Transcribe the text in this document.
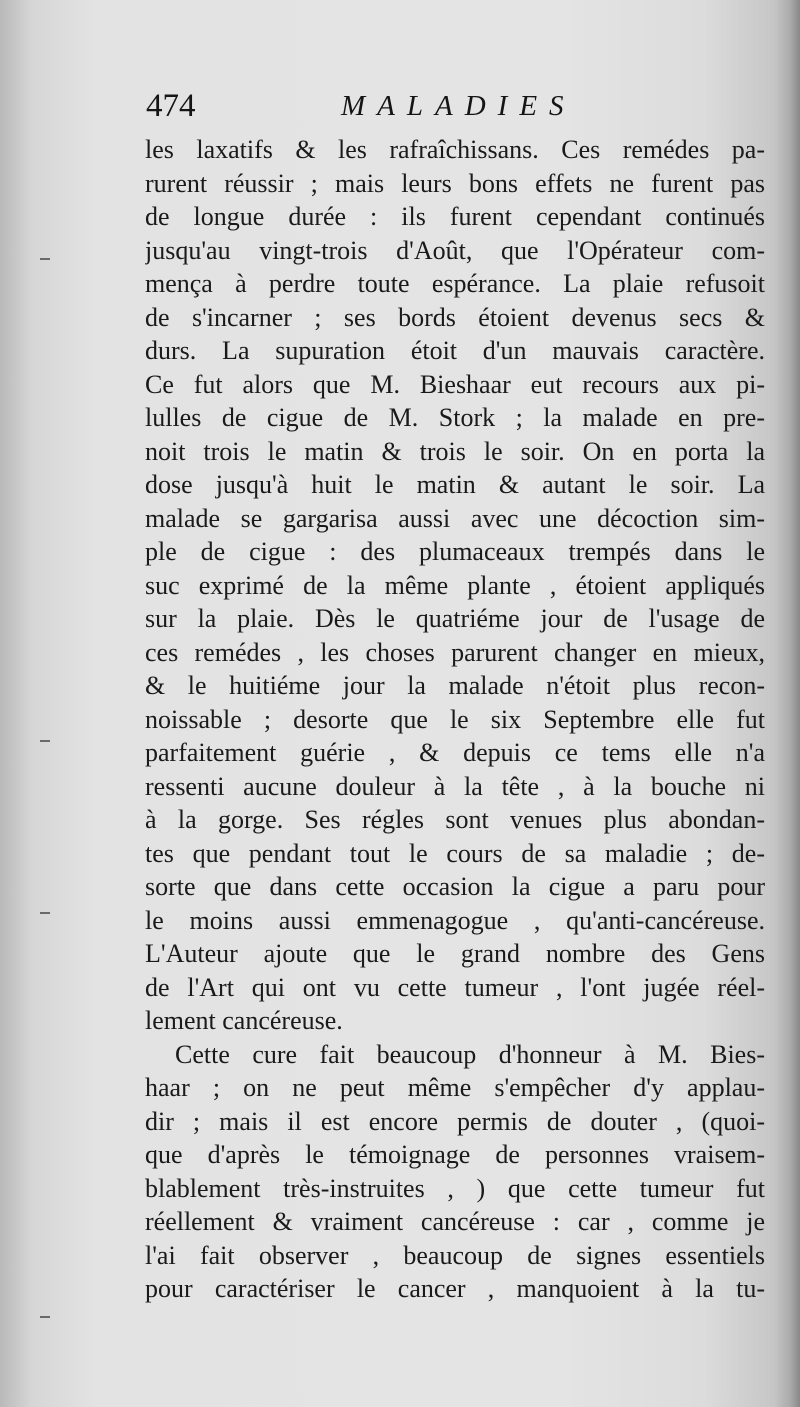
474	MALADIES
les laxatifs & les rafraîchissans. Ces remédes pa-
rurent réussir ; mais leurs bons effets ne furent pas
de longue durée : ils furent cependant continués
jusqu'au vingt-trois d'Août, que l'Opérateur com-
mença à perdre toute espérance. La plaie refusoit
de s'incarner ; ses bords étoient devenus secs &
durs. La supuration étoit d'un mauvais caractère.
Ce fut alors que M. Bieshaar eut recours aux pi-
lulles de cigue de M. Stork ; la malade en pre-
noit trois le matin & trois le soir. On en porta la
dose jusqu'à huit le matin & autant le soir. La
malade se gargarisa aussi avec une décoction sim-
ple de cigue : des plumaceaux trempés dans le
suc exprimé de la même plante , étoient appliqués
sur la plaie. Dès le quatriéme jour de l'usage de
ces remédes , les choses parurent changer en mieux,
& le huitiéme jour la malade n'étoit plus recon-
noissable ; desorte que le six Septembre elle fut
parfaitement guérie , & depuis ce tems elle n'a
ressenti aucune douleur à la tête , à la bouche ni
à la gorge. Ses régles sont venues plus abondan-
tes que pendant tout le cours de sa maladie ; de-
sorte que dans cette occasion la cigue a paru pour
le moins aussi emmenagogue , qu'anti-cancéreuse.
L'Auteur ajoute que le grand nombre des Gens
de l'Art qui ont vu cette tumeur , l'ont jugée réel-
lement cancéreuse.
Cette cure fait beaucoup d'honneur à M. Bies-
haar ; on ne peut même s'empêcher d'y applau-
dir ; mais il est encore permis de douter , (quoi-
que d'après le témoignage de personnes vraisem-
blablement très-instruites , ) que cette tumeur fut
réellement & vraiment cancéreuse : car , comme je
l'ai fait observer , beaucoup de signes essentiels
pour caractériser le cancer , manquoient à la tu-
